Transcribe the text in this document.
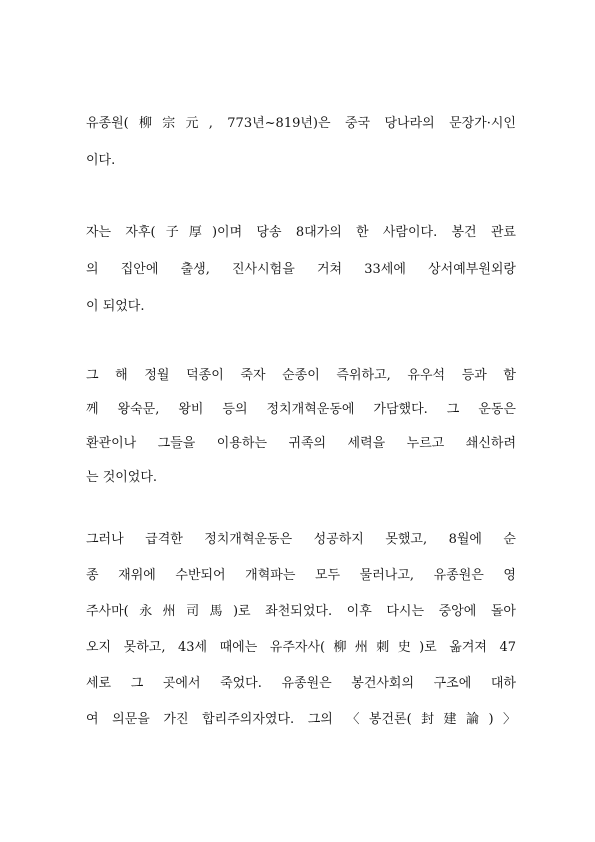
유종원(柳宗元, 773년~819년)은 중국 당나라의 문장가·시인
이다.

자는 자후(子厚)이며 당송 8대가의 한 사람이다. 봉건 관료
의 집안에 출생, 진사시험을 거쳐 33세에 상서예부원외랑
이 되었다.

그 해 정월 덕종이 죽자 순종이 즉위하고, 유우석 등과 함
께 왕숙문, 왕비 등의 정치개혁운동에 가담했다. 그 운동은
환관이나 그들을 이용하는 귀족의 세력을 누르고 쇄신하려
는 것이었다.

그러나 급격한 정치개혁운동은 성공하지 못했고, 8월에 순
종 재위에 수반되어 개혁파는 모두 물러나고, 유종원은 영
주사마(永州司馬)로 좌천되었다. 이후 다시는 중앙에 돌아
오지 못하고, 43세 때에는 유주자사(柳州刺史)로 옮겨져 47
세로 그 곳에서 죽었다. 유종원은 봉건사회의 구조에 대하
여 의문을 가진 합리주의자였다. 그의 〈봉건론(封建論)〉
